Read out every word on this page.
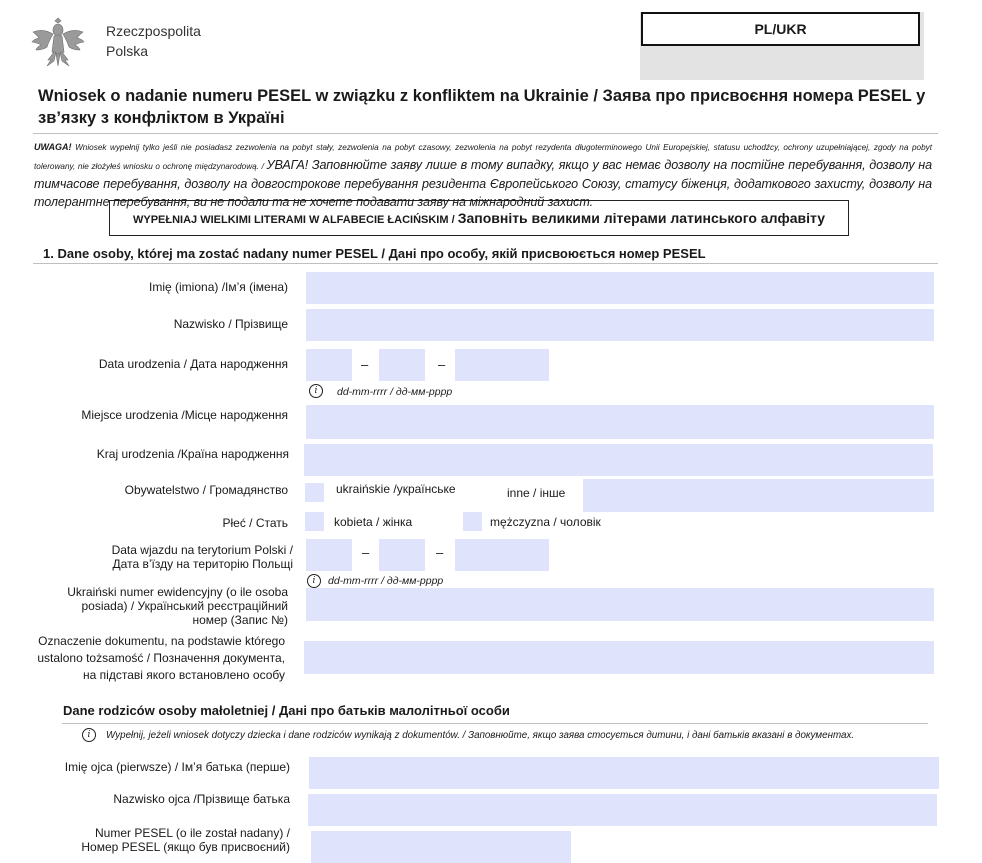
Rzeczpospolita
Polska
PL/UKR
Wniosek o nadanie numeru PESEL w związku z konfliktem na Ukrainie / Заява про присвоєння номера PESEL у зв’язку з конфліктом в Україні
UWAGA! Wniosek wypełnij tylko jeśli nie posiadasz zezwolenia na pobyt stały, zezwolenia na pobyt czasowy, zezwolenia na pobyt rezydenta długoterminowego Unii Europejskiej, statusu uchodźcy, ochrony uzupełniającej, zgody na pobyt tolerowany, nie złożyłeś wniosku o ochronę międzynarodową. / УВАГА! Заповнюйте заяву лише в тому випадку, якщо у вас немає дозволу на постійне перебування, дозволу на тимчасове перебування, дозволу на довгострокове перебування резидента Європейського Союзу, статусу біженця, додаткового захисту, дозволу на толерантне перебування, ви не подали та не хочете подавати заяву на міжнародний захист.
WYPEŁNIAJ WIELKIMI LITERAMI W ALFABECIE ŁACIŃSKIM / Заповніть великими літерами латинського алфавіту
1. Dane osoby, której ma zostać nadany numer PESEL / Дані про особу, якій присвоюється номер PESEL
Imię (imiona) /Ім’я (імена)
Nazwisko / Прізвище
Data urodzenia / Дата народження	–	–
i	dd-mm-rrrr / дд-мм-рррр
Miejsce urodzenia /Місце народження
Kraj urodzenia /Країна народження
Obywatelstwo / Громадянство	ukraińskie /українське	inne / інше
Płeć / Стать	kobieta / жінка	mężczyzna / чоловік
Data wjazdu na terytorium Polski /
Дата в’їзду на територію Польщі
–	–
i	dd-mm-rrrr / дд-мм-рррр
Ukraiński numer ewidencyjny (o ile osoba
posiada) / Український реєстраційний
номер (Запис №)
Oznaczenie dokumentu, na podstawie którego
ustalono tożsamość / Позначення документа,
на підставі якого встановлено особу
Dane rodziców osoby małoletniej / Дані про батьків малолітньої особи
i	Wypełnij, jeżeli wniosek dotyczy dziecka i dane rodziców wynikają z dokumentów. / Заповнюйте, якщо заява стосується дитини, і дані батьків вказані в документах.
Imię ojca (pierwsze) / Ім’я батька (перше)
Nazwisko ojca /Прізвище батька
Numer PESEL (o ile został nadany) /
Номер PESEL (якщо був присвоєний)
